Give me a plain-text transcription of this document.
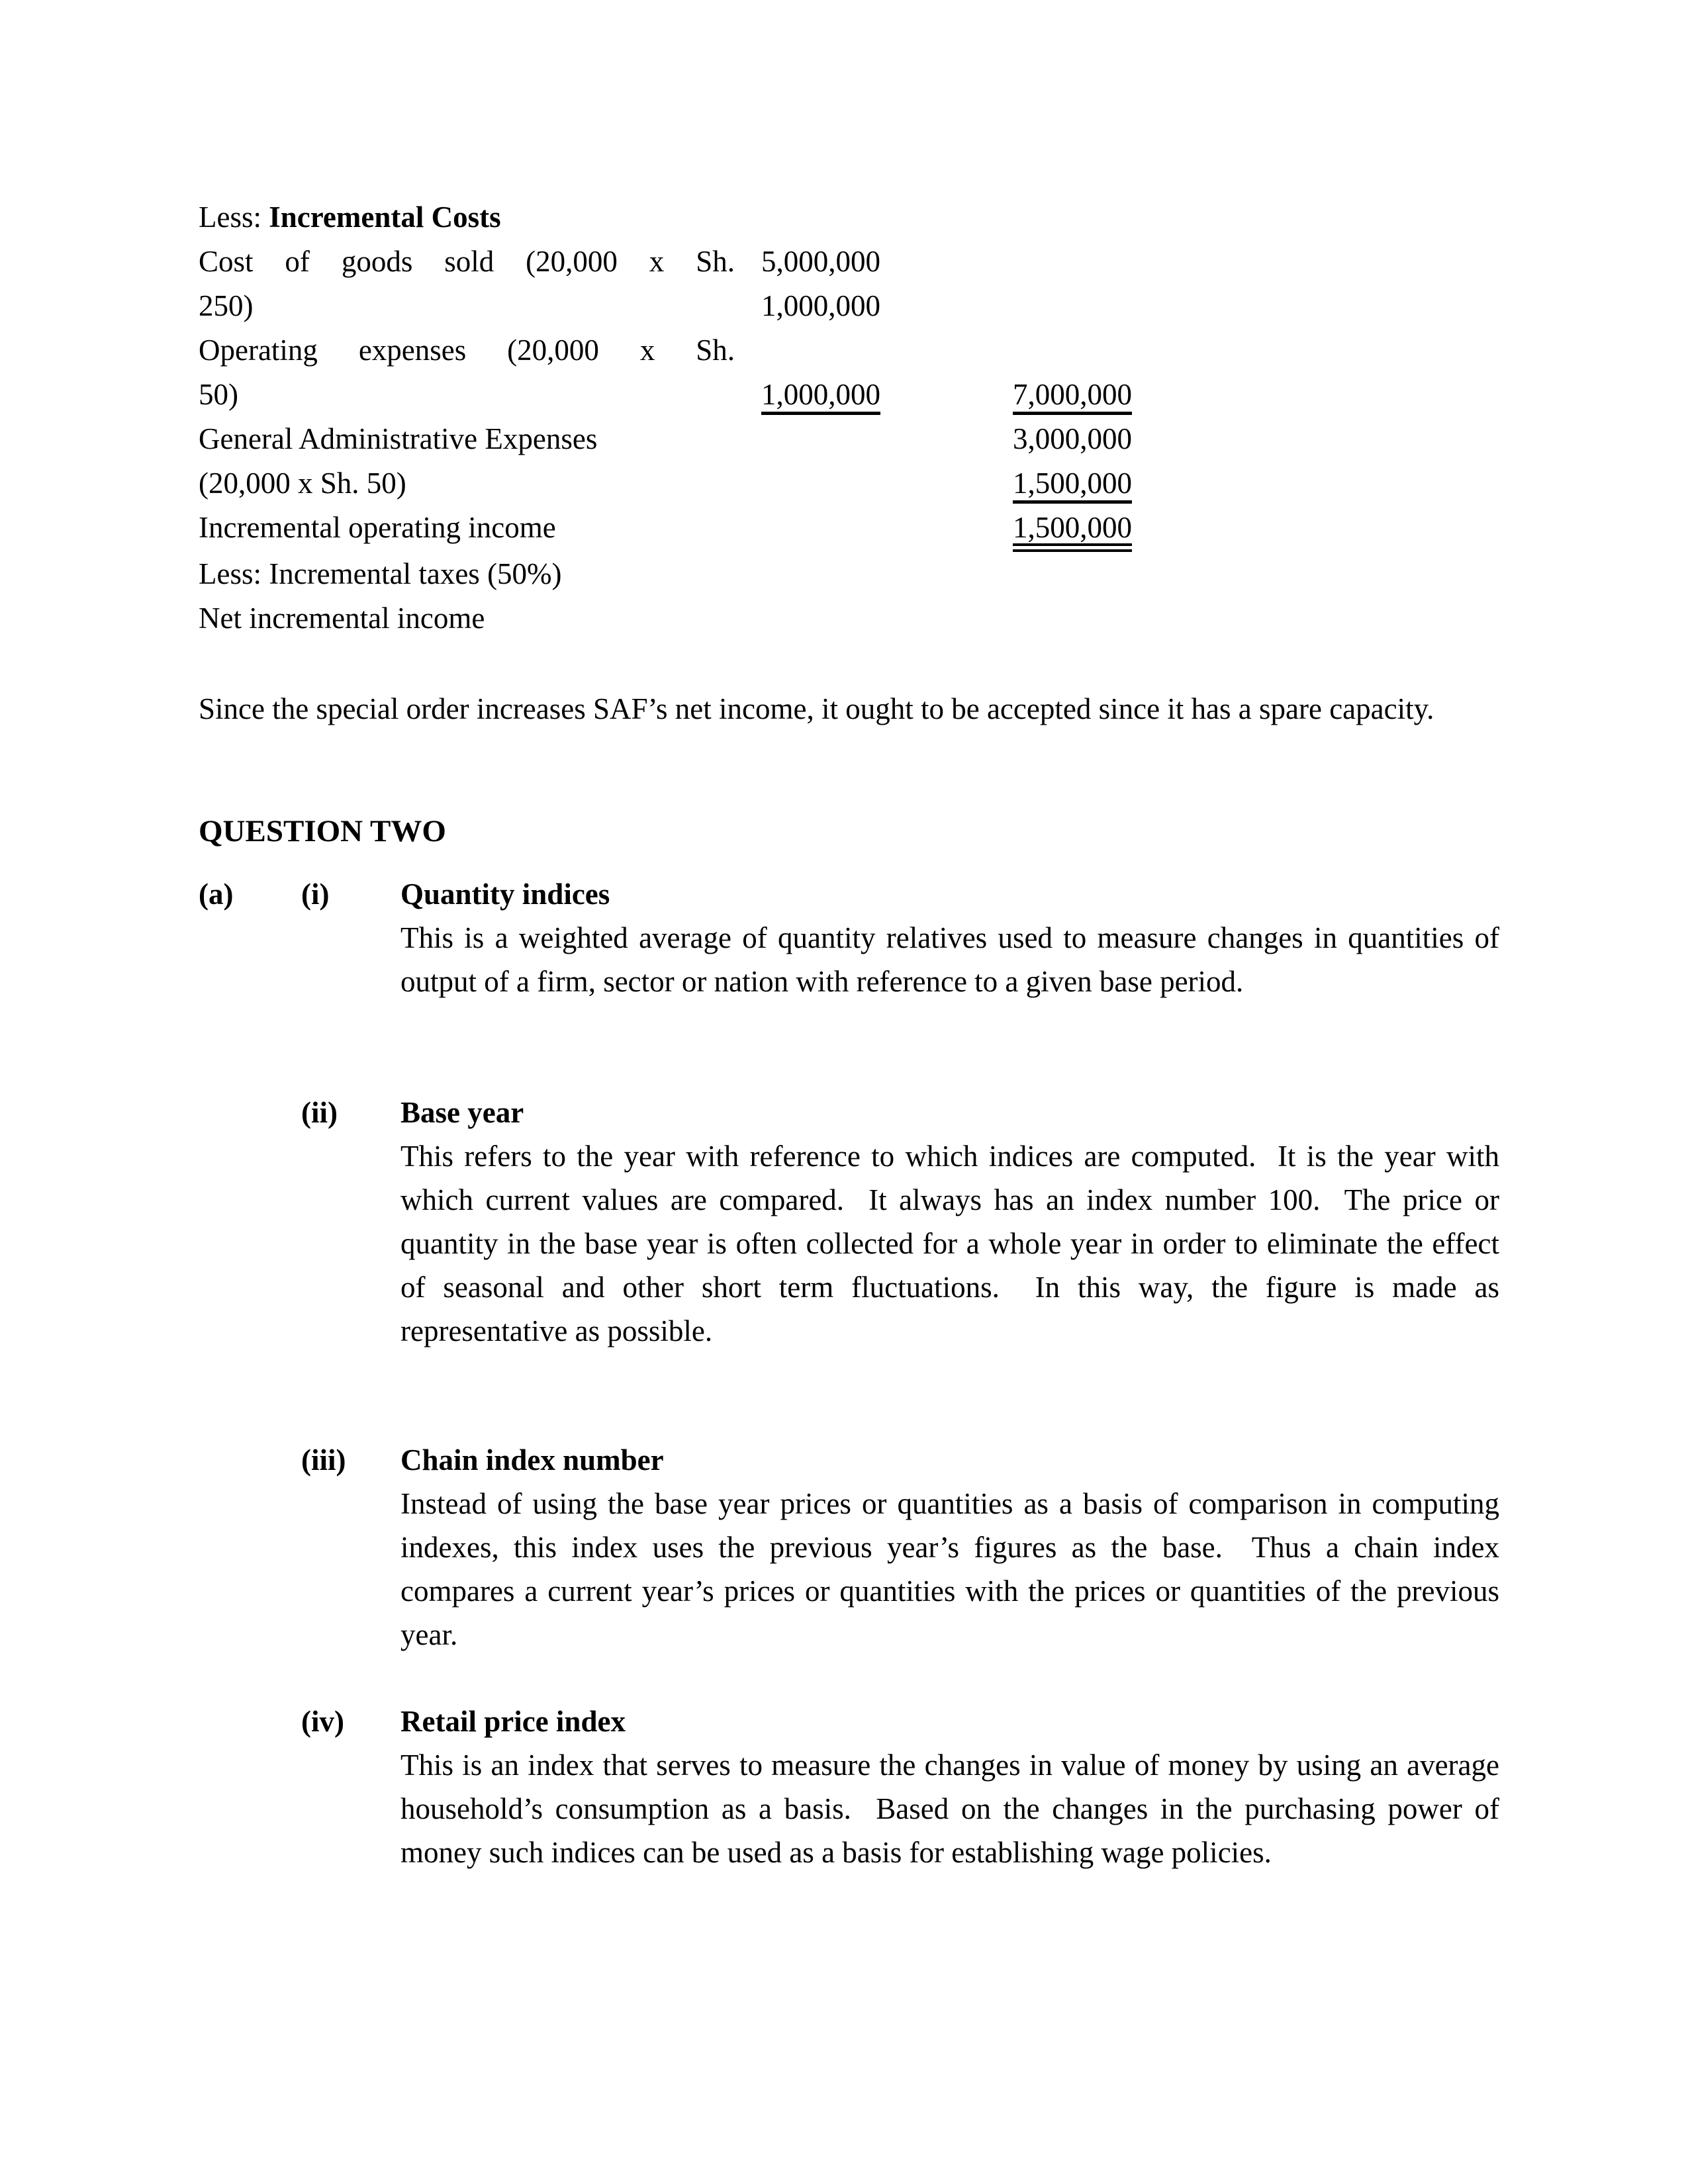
Less: Incremental Costs
Cost of goods sold (20,000 x Sh. 5,000,000
250)	1,000,000
Operating expenses (20,000 x Sh.
50)	1,000,000	7,000,000
General Administrative Expenses	3,000,000
(20,000 x Sh. 50)	1,500,000
Incremental operating income	1,500,000
Less: Incremental taxes (50%)
Net incremental income

Since the special order increases SAF’s net income, it ought to be accepted since it has a spare capacity.

QUESTION TWO
(a) (i) Quantity indices
This is a weighted average of quantity relatives used to measure changes in quantities of output of a firm, sector or nation with reference to a given base period.
(ii) Base year
This refers to the year with reference to which indices are computed.  It is the year with which current values are compared.  It always has an index number 100.  The price or quantity in the base year is often collected for a whole year in order to eliminate the effect of seasonal and other short term fluctuations.  In this way, the figure is made as representative as possible.
(iii) Chain index number
Instead of using the base year prices or quantities as a basis of comparison in computing indexes, this index uses the previous year’s figures as the base.  Thus a chain index compares a current year’s prices or quantities with the prices or quantities of the previous year.
(iv) Retail price index
This is an index that serves to measure the changes in value of money by using an average household’s consumption as a basis.  Based on the changes in the purchasing power of money such indices can be used as a basis for establishing wage policies.
